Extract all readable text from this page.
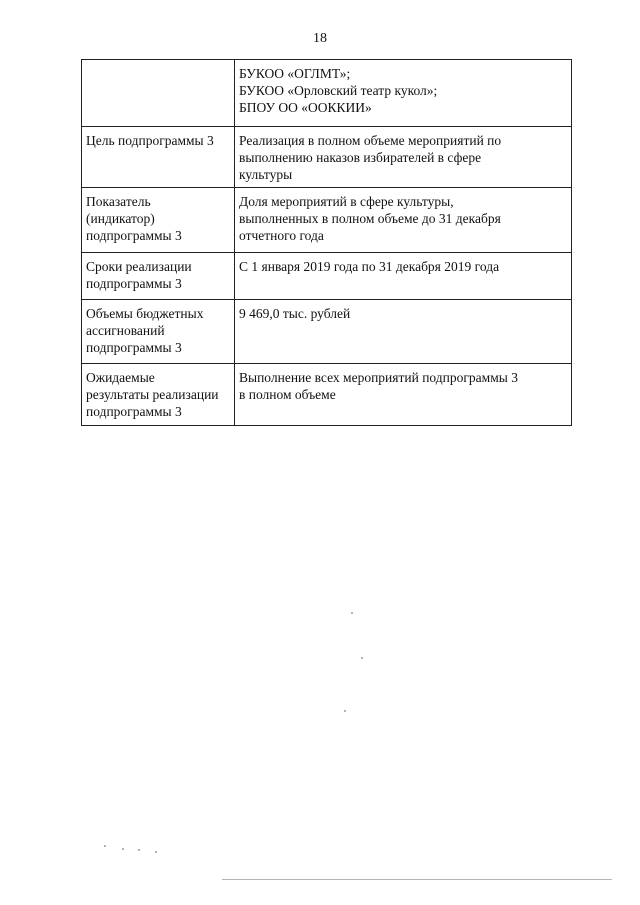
18

	БУКОО «ОГЛМТ»;
БУКОО «Орловский театр кукол»;
БПОУ ОО «ООККИИ»

Цель подпрограммы 3	Реализация в полном объеме мероприятий по
выполнению наказов избирателей в сфере
культуры

Показатель
(индикатор)
подпрограммы 3	Доля мероприятий в сфере культуры,
выполненных в полном объеме до 31 декабря
отчетного года

Сроки реализации
подпрограммы 3	С 1 января 2019 года по 31 декабря 2019 года

Объемы бюджетных
ассигнований
подпрограммы 3	9 469,0 тыс. рублей

Ожидаемые
результаты реализации
подпрограммы 3	Выполнение всех мероприятий подпрограммы 3
в полном объеме
